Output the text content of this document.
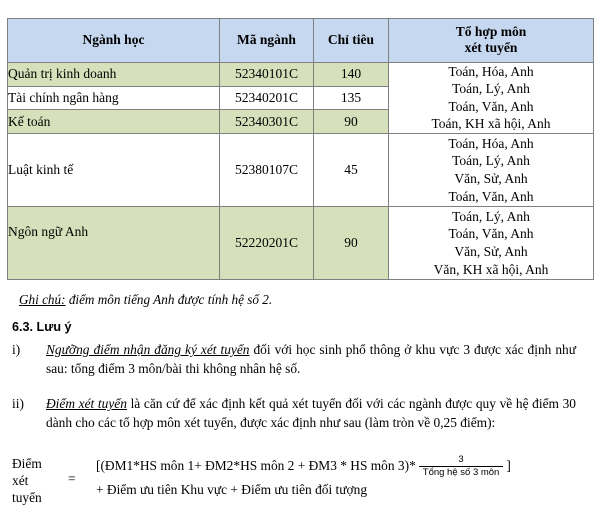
Ngành học	Mã ngành	Chỉ tiêu	Tổ hợp môn
xét tuyển

Quản trị kinh doanh	52340101C	140	Toán, Hóa, Anh
Toán, Lý, Anh
Toán, Văn, Anh
Toán, KH xã hội, Anh

Tài chính ngân hàng	52340201C	135	
Kế toán	52340301C	90	
Luật kinh tế	52380107C	45	Toán, Hóa, Anh
Toán, Lý, Anh
Văn, Sử, Anh
Toán, Văn, Anh

Ngôn ngữ Anh	52220201C	90	Toán, Lý, Anh
Toán, Văn, Anh
Văn, Sử, Anh
Văn, KH xã hội, Anh
Ghi chú: điểm môn tiếng Anh được tính hệ số 2.
6.3. Lưu ý
i)	Ngưỡng điểm nhận đăng ký xét tuyển đối với học sinh phổ thông ở khu vực 3 được xác định như sau: tổng điểm 3 môn/bài thi không nhân hệ số.
ii)	Điểm xét tuyển là căn cứ để xác định kết quả xét tuyển đối với các ngành được quy về hệ điểm 30 dành cho các tổ hợp môn xét tuyển, được xác định như sau (làm tròn về 0,25 điểm):
Điểm
xét
tuyển
=
[(ĐM1*HS môn 1+ ĐM2*HS môn 2 + ĐM3 * HS môn $3)* \frac{3}{\text{Tổng hệ số 3 môn}}$ ]
+ Điểm ưu tiên Khu vực + Điểm ưu tiên đối tượng
